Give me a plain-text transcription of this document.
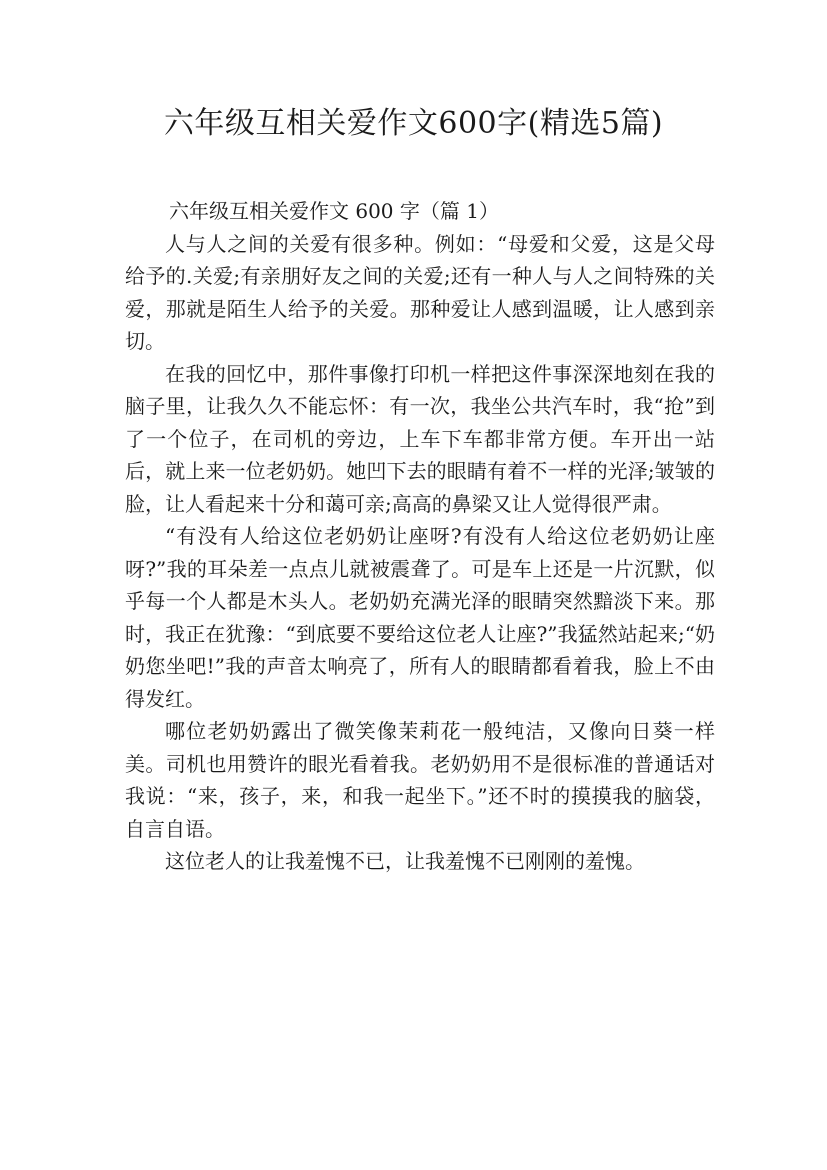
六年级互相关爱作文600字(精选5篇)

六年级互相关爱作文 600 字（篇 1）

人与人之间的关爱有很多种。例如：“母爱和父爱，这是父母给予的.关爱;有亲朋好友之间的关爱;还有一种人与人之间特殊的关爱，那就是陌生人给予的关爱。那种爱让人感到温暖，让人感到亲切。

在我的回忆中，那件事像打印机一样把这件事深深地刻在我的脑子里，让我久久不能忘怀：有一次，我坐公共汽车时，我“抢”到了一个位子，在司机的旁边，上车下车都非常方便。车开出一站后，就上来一位老奶奶。她凹下去的眼睛有着不一样的光泽;皱皱的脸，让人看起来十分和蔼可亲;高高的鼻梁又让人觉得很严肃。

“有没有人给这位老奶奶让座呀?有没有人给这位老奶奶让座呀?”我的耳朵差一点点儿就被震聋了。可是车上还是一片沉默，似乎每一个人都是木头人。老奶奶充满光泽的眼睛突然黯淡下来。那时，我正在犹豫：“到底要不要给这位老人让座?”我猛然站起来;“奶奶您坐吧!”我的声音太响亮了，所有人的眼睛都看着我，脸上不由得发红。

哪位老奶奶露出了微笑像茉莉花一般纯洁，又像向日葵一样美。司机也用赞许的眼光看着我。老奶奶用不是很标准的普通话对我说：“来，孩子，来，和我一起坐下。”还不时的摸摸我的脑袋，自言自语。

这位老人的让我羞愧不已，让我羞愧不已刚刚的羞愧。
